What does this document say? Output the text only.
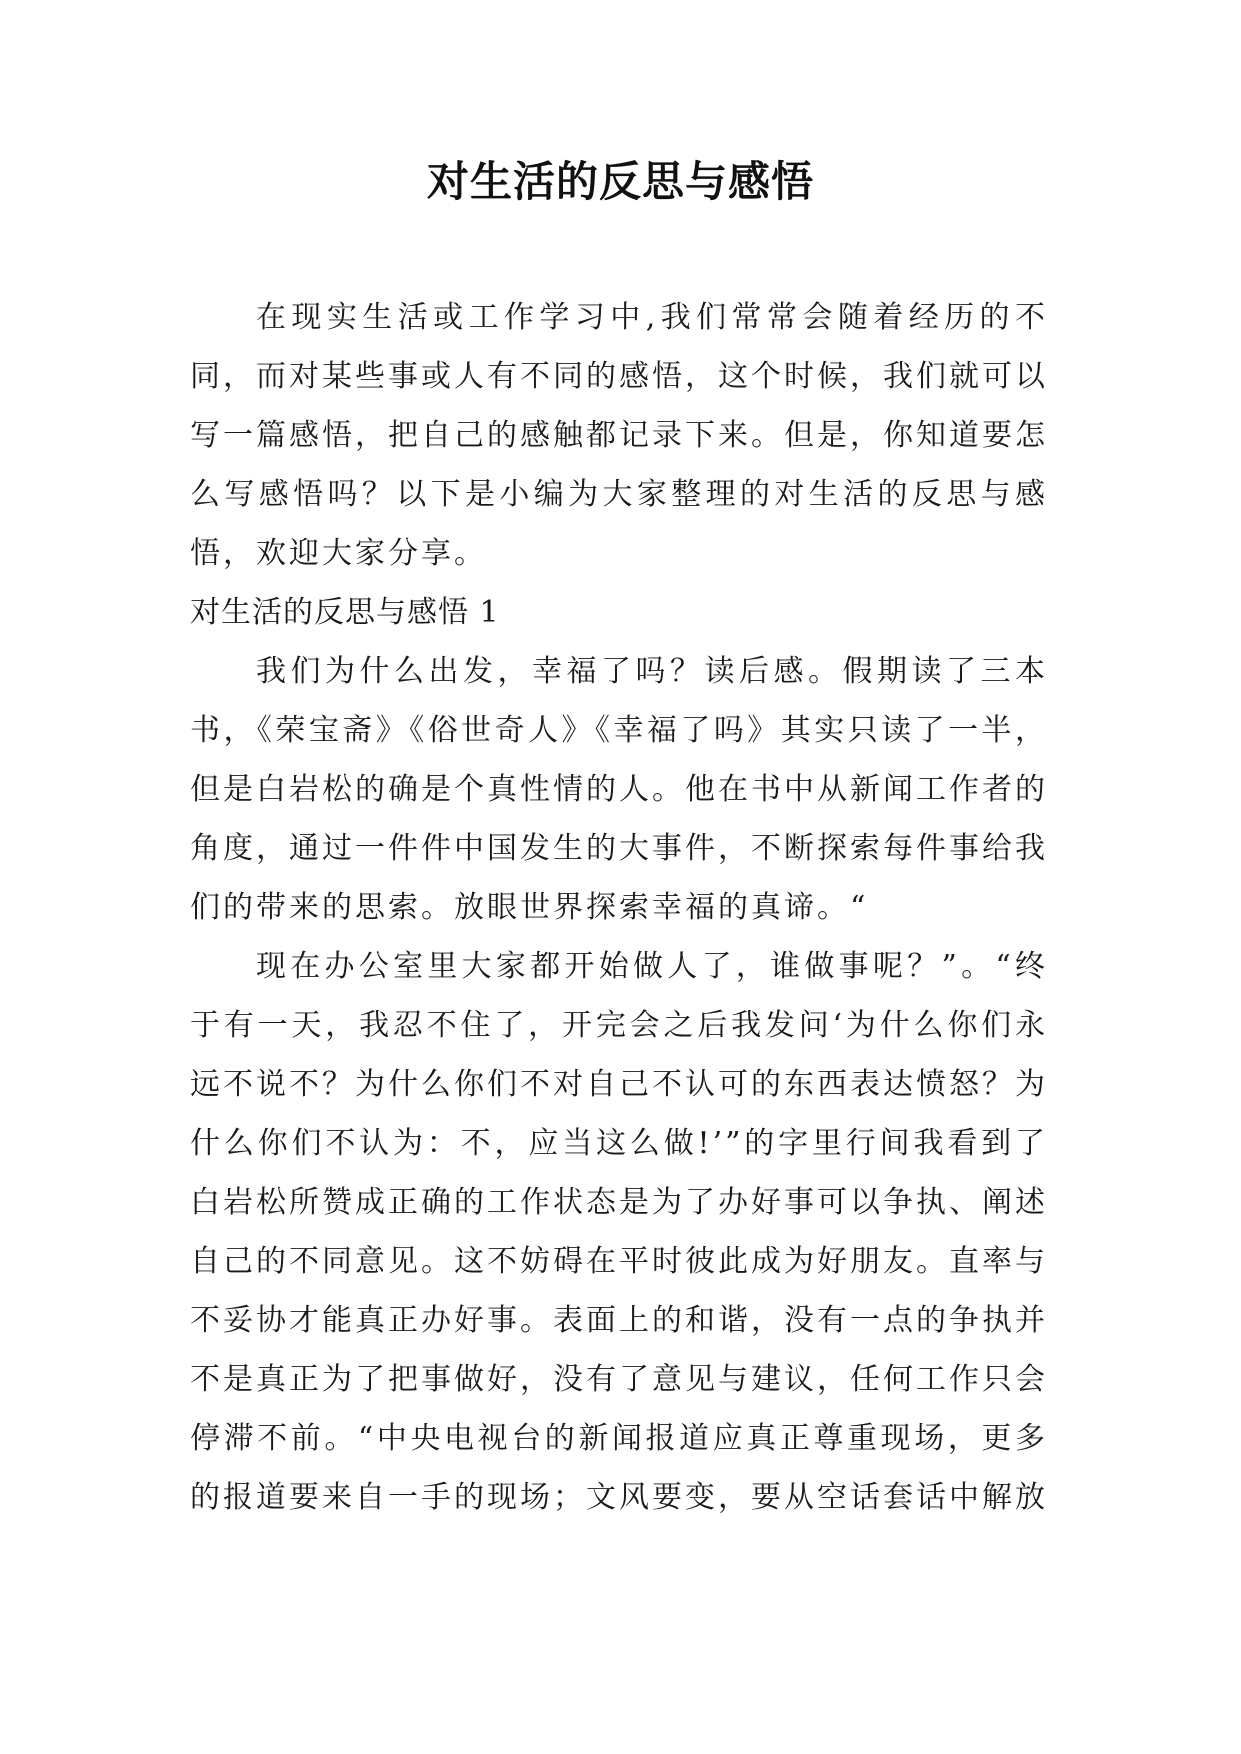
对生活的反思与感悟

在现实生活或工作学习中,我们常常会随着经历的不同，而对某些事或人有不同的感悟，这个时候，我们就可以写一篇感悟，把自己的感触都记录下来。但是，你知道要怎么写感悟吗？以下是小编为大家整理的对生活的反思与感悟，欢迎大家分享。

对生活的反思与感悟 1

我们为什么出发，幸福了吗？读后感。假期读了三本书，《荣宝斋》《俗世奇人》《幸福了吗》其实只读了一半，但是白岩松的确是个真性情的人。他在书中从新闻工作者的角度，通过一件件中国发生的大事件，不断探索每件事给我们的带来的思索。放眼世界探索幸福的真谛。“

现在办公室里大家都开始做人了，谁做事呢？”。“终于有一天，我忍不住了，开完会之后我发问‘为什么你们永远不说不？为什么你们不对自己不认可的东西表达愤怒？为什么你们不认为：不，应当这么做!’”的字里行间我看到了白岩松所赞成正确的工作状态是为了办好事可以争执、阐述自己的不同意见。这不妨碍在平时彼此成为好朋友。直率与不妥协才能真正办好事。表面上的和谐，没有一点的争执并不是真正为了把事做好，没有了意见与建议，任何工作只会停滞不前。“中央电视台的新闻报道应真正尊重现场，更多的报道要来自一手的现场；文风要变，要从空话套话中解放
